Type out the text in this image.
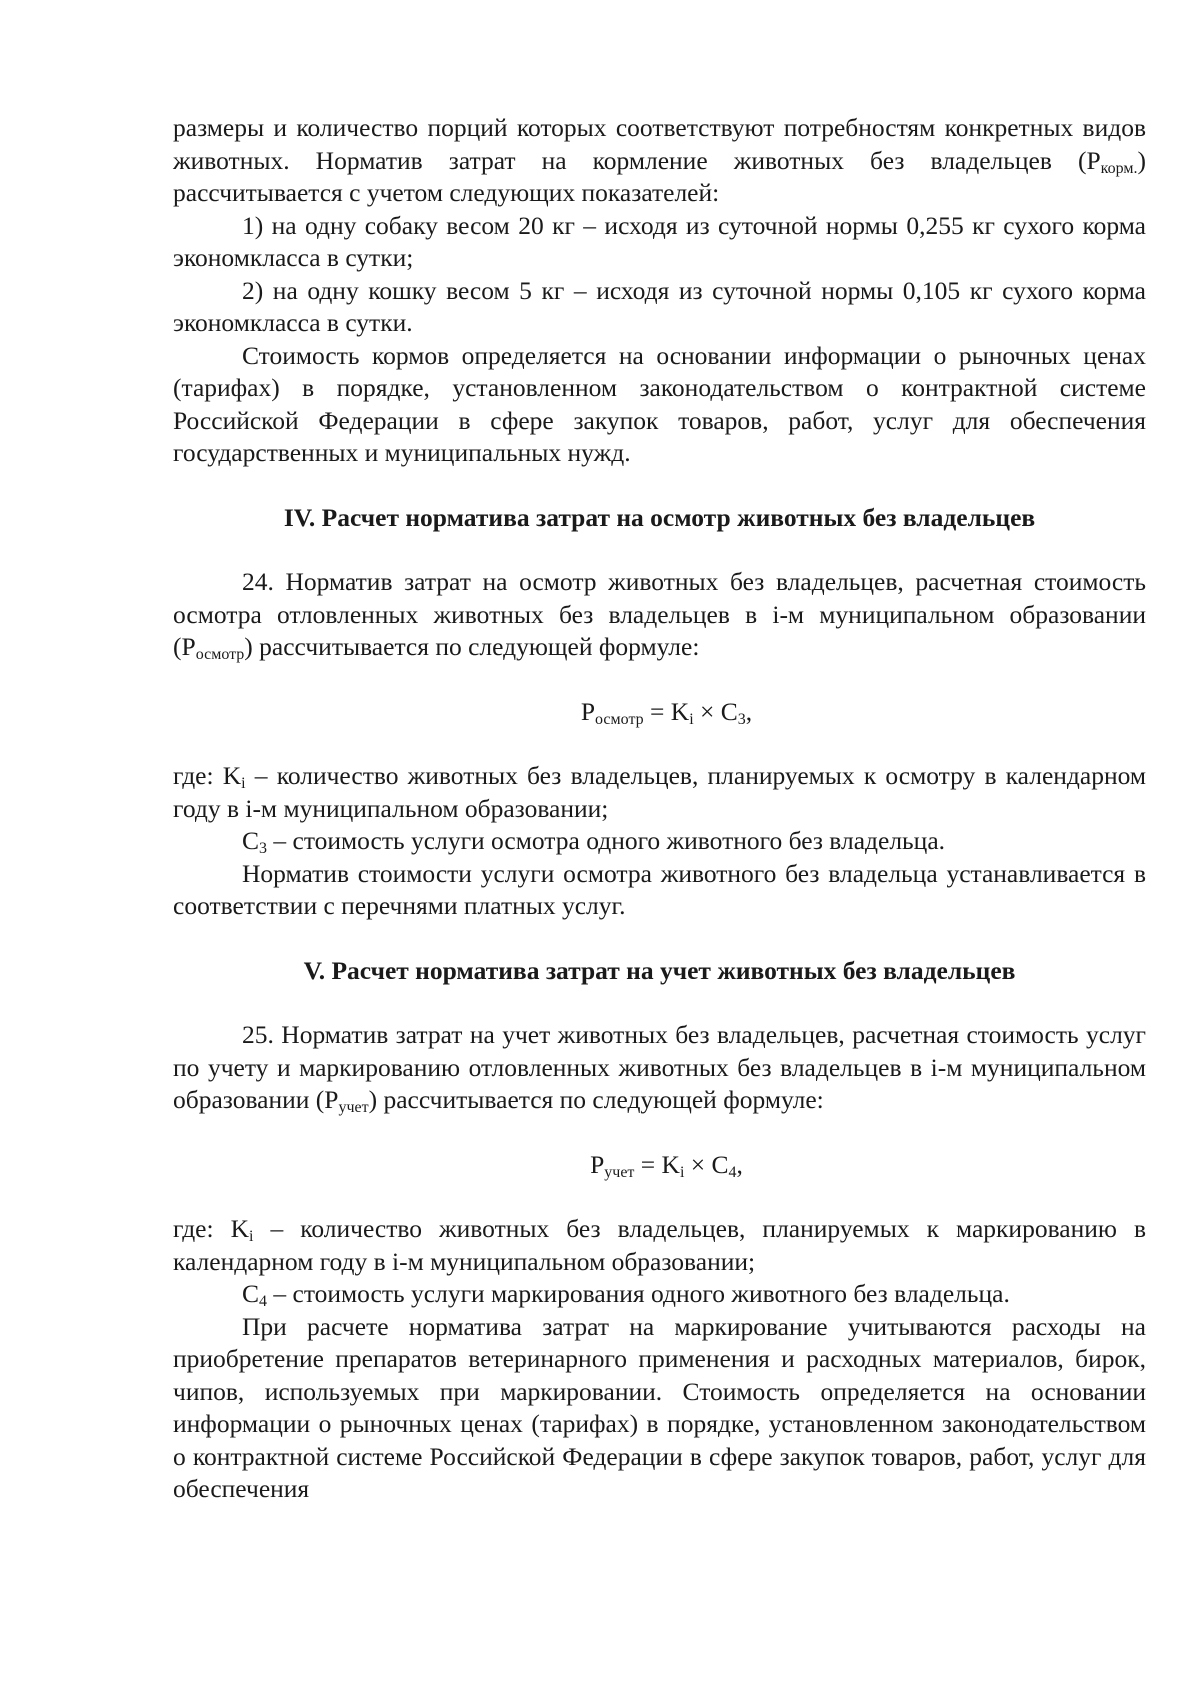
размеры и количество порций которых соответствуют потребностям конкретных видов животных. Норматив затрат на кормление животных без владельцев $(Р_{корм.})$ рассчитывается с учетом следующих показателей:

1) на одну собаку весом 20 кг – исходя из суточной нормы 0,255 кг сухого корма экономкласса в сутки;

2) на одну кошку весом 5 кг – исходя из суточной нормы 0,105 кг сухого корма экономкласса в сутки.

Стоимость кормов определяется на основании информации о рыночных ценах (тарифах) в порядке, установленном законодательством о контрактной системе Российской Федерации в сфере закупок товаров, работ, услуг для обеспечения государственных и муниципальных нужд.

IV. Расчет норматива затрат на осмотр животных без владельцев

24. Норматив затрат на осмотр животных без владельцев, расчетная стоимость осмотра отловленных животных без владельцев в i-м муниципальном образовании $(Р_{осмотр})$ рассчитывается по следующей формуле:

$Р_{осмотр} = K_i \times C_3$,

где: $K_i$ – количество животных без владельцев, планируемых к осмотру в календарном году в i-м муниципальном образовании;

$C_3$ – стоимость услуги осмотра одного животного без владельца.

Норматив стоимости услуги осмотра животного без владельца устанавливается в соответствии с перечнями платных услуг.

V. Расчет норматива затрат на учет животных без владельцев

25. Норматив затрат на учет животных без владельцев, расчетная стоимость услуг по учету и маркированию отловленных животных без владельцев в i-м муниципальном образовании $(Р_{учет})$ рассчитывается по следующей формуле:

$Р_{учет} = K_i \times C_4$,

где: $K_i$ – количество животных без владельцев, планируемых к маркированию в календарном году в i-м муниципальном образовании;

$C_4$ – стоимость услуги маркирования одного животного без владельца.

При расчете норматива затрат на маркирование учитываются расходы на приобретение препаратов ветеринарного применения и расходных материалов, бирок, чипов, используемых при маркировании. Стоимость определяется на основании информации о рыночных ценах (тарифах) в порядке, установленном законодательством о контрактной системе Российской Федерации в сфере закупок товаров, работ, услуг для обеспечения
